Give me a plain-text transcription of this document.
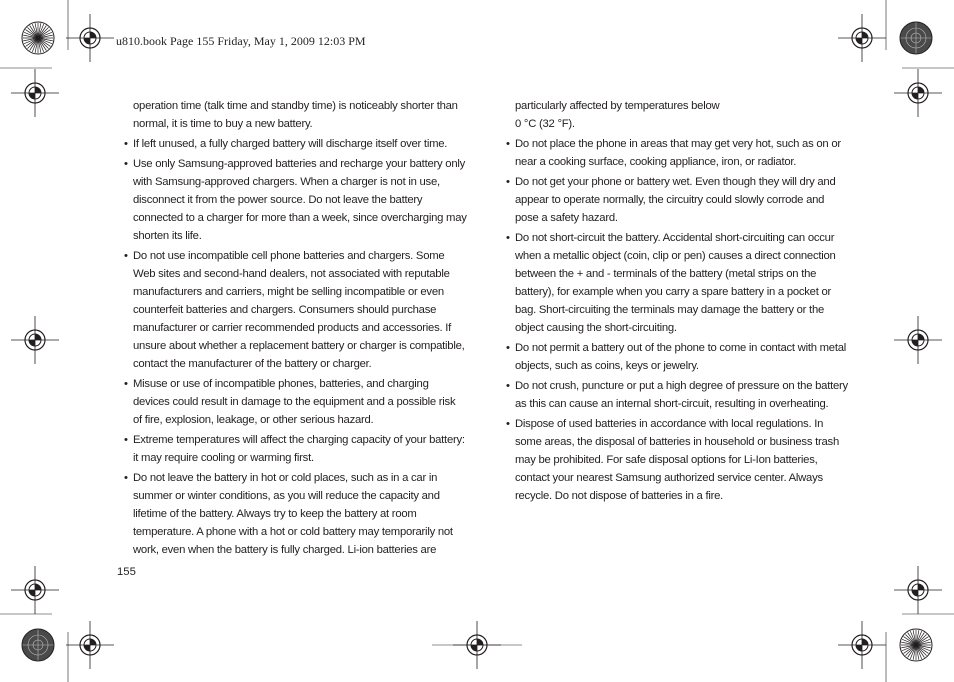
u810.book Page 155 Friday, May 1, 2009 12:03 PM

operation time (talk time and standby time) is noticeably shorter than normal, it is time to buy a new battery.

• If left unused, a fully charged battery will discharge itself over time.
• Use only Samsung-approved batteries and recharge your battery only with Samsung-approved chargers. When a charger is not in use, disconnect it from the power source. Do not leave the battery connected to a charger for more than a week, since overcharging may shorten its life.
• Do not use incompatible cell phone batteries and chargers. Some Web sites and second-hand dealers, not associated with reputable manufacturers and carriers, might be selling incompatible or even counterfeit batteries and chargers. Consumers should purchase manufacturer or carrier recommended products and accessories. If unsure about whether a replacement battery or charger is compatible, contact the manufacturer of the battery or charger.
• Misuse or use of incompatible phones, batteries, and charging devices could result in damage to the equipment and a possible risk of fire, explosion, leakage, or other serious hazard.
• Extreme temperatures will affect the charging capacity of your battery: it may require cooling or warming first.
• Do not leave the battery in hot or cold places, such as in a car in summer or winter conditions, as you will reduce the capacity and lifetime of the battery. Always try to keep the battery at room temperature. A phone with a hot or cold battery may temporarily not work, even when the battery is fully charged. Li-ion batteries are

particularly affected by temperatures below

0 °C (32 °F).

• Do not place the phone in areas that may get very hot, such as on or near a cooking surface, cooking appliance, iron, or radiator.
• Do not get your phone or battery wet. Even though they will dry and appear to operate normally, the circuitry could slowly corrode and pose a safety hazard.
• Do not short-circuit the battery. Accidental short-circuiting can occur when a metallic object (coin, clip or pen) causes a direct connection between the + and - terminals of the battery (metal strips on the battery), for example when you carry a spare battery in a pocket or bag. Short-circuiting the terminals may damage the battery or the object causing the short-circuiting.
• Do not permit a battery out of the phone to come in contact with metal objects, such as coins, keys or jewelry.
• Do not crush, puncture or put a high degree of pressure on the battery as this can cause an internal short-circuit, resulting in overheating.
• Dispose of used batteries in accordance with local regulations. In some areas, the disposal of batteries in household or business trash may be prohibited. For safe disposal options for Li-Ion batteries, contact your nearest Samsung authorized service center. Always recycle. Do not dispose of batteries in a fire.
155
